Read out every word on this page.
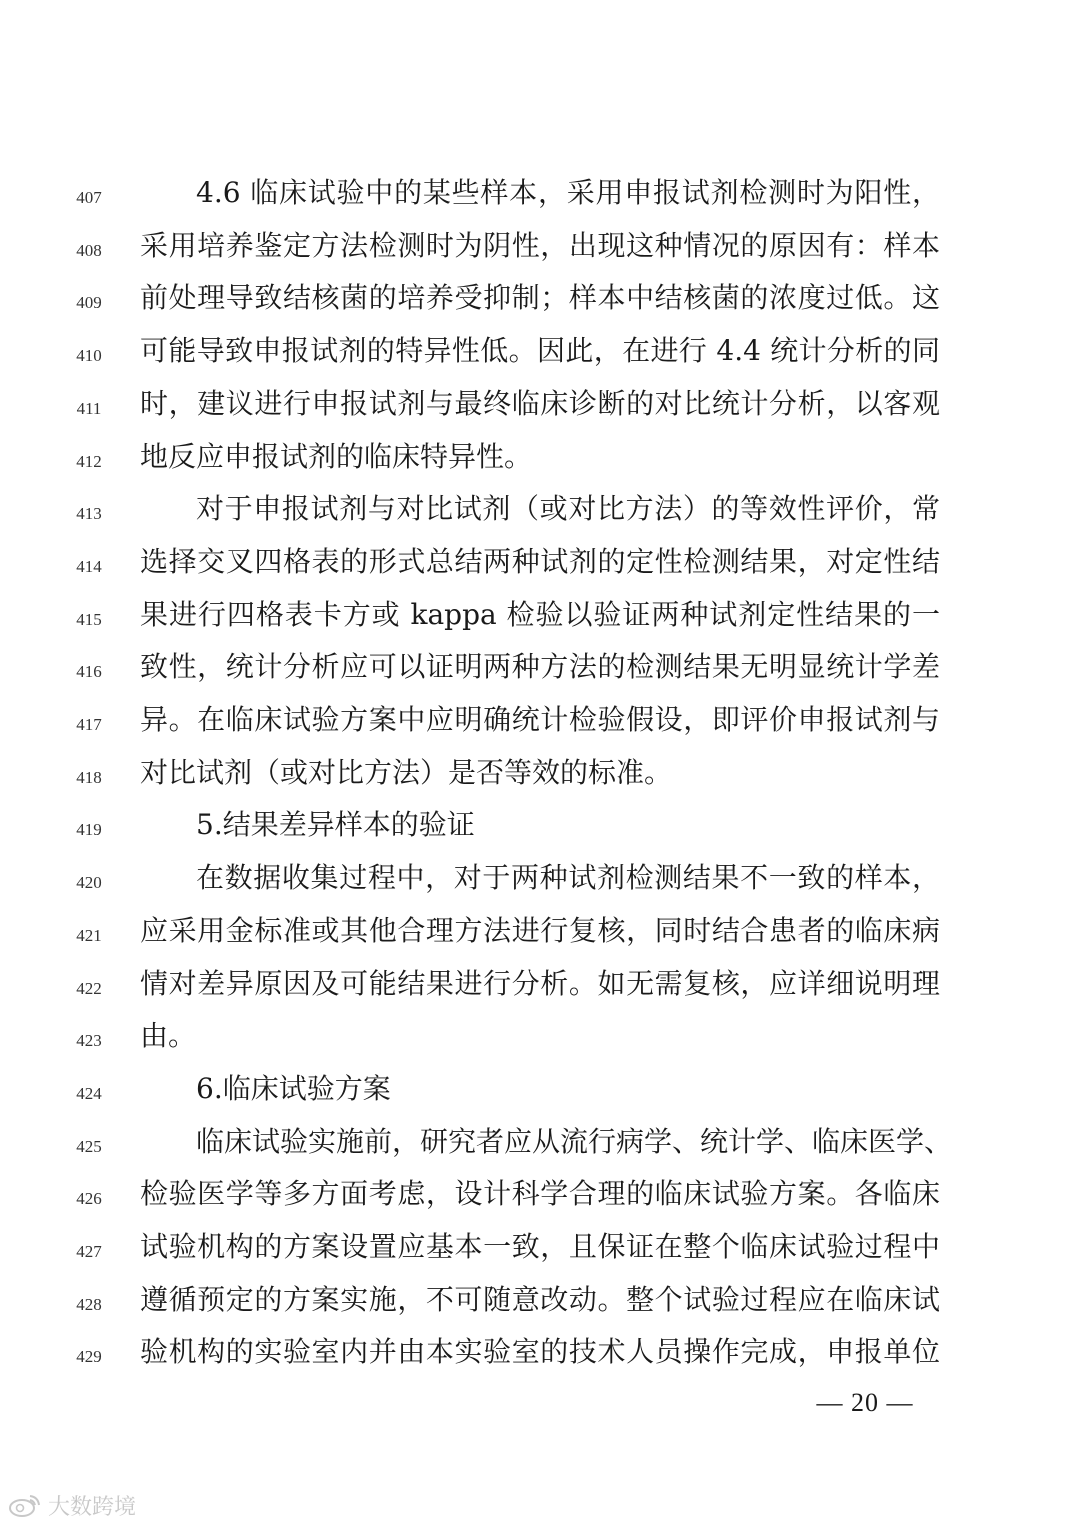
407	4.6 临床试验中的某些样本，采用申报试剂检测时为阳性，
408	采用培养鉴定方法检测时为阴性，出现这种情况的原因有：样本
409	前处理导致结核菌的培养受抑制；样本中结核菌的浓度过低。这
410	可能导致申报试剂的特异性低。因此，在进行 4.4 统计分析的同
411	时，建议进行申报试剂与最终临床诊断的对比统计分析，以客观
412	地反应申报试剂的临床特异性。
413	对于申报试剂与对比试剂（或对比方法）的等效性评价，常
414	选择交叉四格表的形式总结两种试剂的定性检测结果，对定性结
415	果进行四格表卡方或 kappa 检验以验证两种试剂定性结果的一
416	致性，统计分析应可以证明两种方法的检测结果无明显统计学差
417	异。在临床试验方案中应明确统计检验假设，即评价申报试剂与
418	对比试剂（或对比方法）是否等效的标准。
419	5.结果差异样本的验证
420	在数据收集过程中，对于两种试剂检测结果不一致的样本，
421	应采用金标准或其他合理方法进行复核，同时结合患者的临床病
422	情对差异原因及可能结果进行分析。如无需复核，应详细说明理
423	由。
424	6.临床试验方案
425	临床试验实施前，研究者应从流行病学、统计学、临床医学、
426	检验医学等多方面考虑，设计科学合理的临床试验方案。各临床
427	试验机构的方案设置应基本一致，且保证在整个临床试验过程中
428	遵循预定的方案实施，不可随意改动。整个试验过程应在临床试
429	验机构的实验室内并由本实验室的技术人员操作完成，申报单位
— 20 —
大数跨境
